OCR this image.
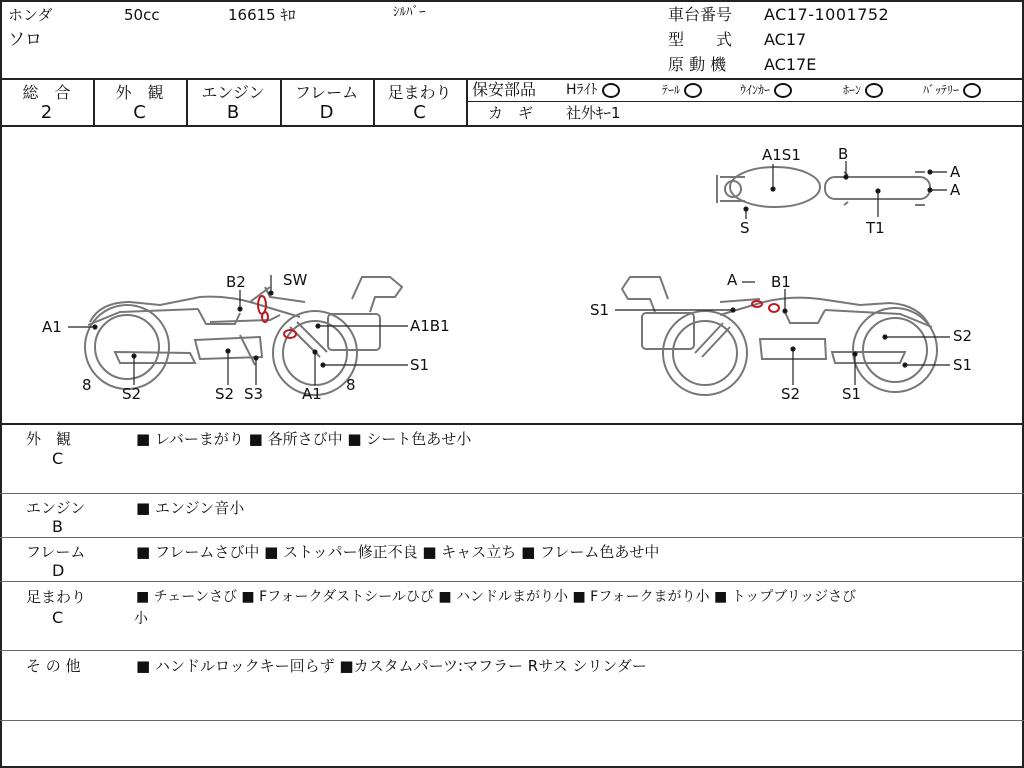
ホンダ	50cc	16615 ｷﾛ	ｼﾙﾊﾞｰ
ソロ
車台番号 AC17-1001752
型　　式 AC17
原 動 機 AC17E
総　合
2
外　観
C
エンジン
B
フレーム
D
足まわり
C
保安部品 Hﾗｲﾄ	ﾃｰﾙ	ｳｲﾝｶｰ	ﾎｰﾝ	ﾊﾞｯﾃﾘｰ
カ　ギ 社外ｷｰ1
A1
B2 SW
A1B1
S1
8 S2	S2 S3	A1 8
A B1
S1
S2
S1
S2	S1
A1S1 B
A
A
S	T1
外　観
C
■ レバーまがり ■ 各所さび中 ■ シート色あせ小
エンジン
B
■ エンジン音小
フレーム
D
■ フレームさび中 ■ ストッパー修正不良 ■ キャス立ち ■ フレーム色あせ中
足まわり
C
■ チェーンさび ■ Fフォークダストシールひび ■ ハンドルまがり小 ■ Fフォークまがり小 ■ トップブリッジさび
小
そ の 他	■ ハンドルロックキー回らず ■カスタムパーツ:マフラー Rサス シリンダー
